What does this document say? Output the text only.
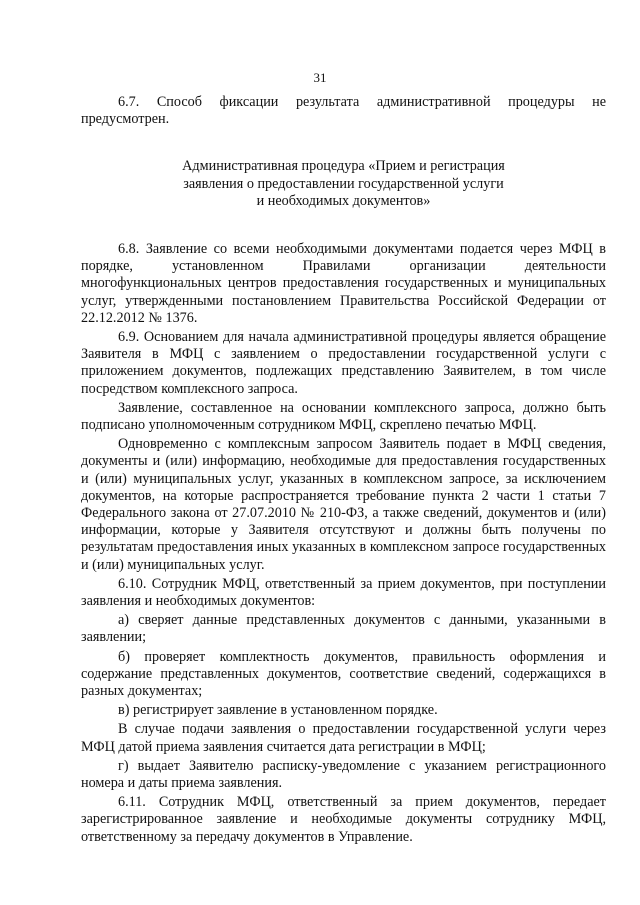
31

6.7. Способ фиксации результата административной процедуры не предусмотрен.

Административная процедура «Прием и регистрация
заявления о предоставлении государственной услуги
и необходимых документов»

6.8. Заявление со всеми необходимыми документами подается через МФЦ в порядке, установленном Правилами организации деятельности многофункциональных центров предоставления государственных и муниципальных услуг, утвержденными постановлением Правительства Российской Федерации от 22.12.2012 № 1376.

6.9. Основанием для начала административной процедуры является обращение Заявителя в МФЦ с заявлением о предоставлении государственной услуги с приложением документов, подлежащих представлению Заявителем, в том числе посредством комплексного запроса.

Заявление, составленное на основании комплексного запроса, должно быть подписано уполномоченным сотрудником МФЦ, скреплено печатью МФЦ.

Одновременно с комплексным запросом Заявитель подает в МФЦ сведения, документы и (или) информацию, необходимые для предоставления государственных и (или) муниципальных услуг, указанных в комплексном запросе, за исключением документов, на которые распространяется требование пункта 2 части 1 статьи 7 Федерального закона от 27.07.2010 № 210-ФЗ, а также сведений, документов и (или) информации, которые у Заявителя отсутствуют и должны быть получены по результатам предоставления иных указанных в комплексном запросе государственных и (или) муниципальных услуг.

6.10. Сотрудник МФЦ, ответственный за прием документов, при поступлении заявления и необходимых документов:

а) сверяет данные представленных документов с данными, указанными в заявлении;

б) проверяет комплектность документов, правильность оформления и содержание представленных документов, соответствие сведений, содержащихся в разных документах;

в) регистрирует заявление в установленном порядке.

В случае подачи заявления о предоставлении государственной услуги через МФЦ датой приема заявления считается дата регистрации в МФЦ;

г) выдает Заявителю расписку-уведомление с указанием регистрационного номера и даты приема заявления.

6.11. Сотрудник МФЦ, ответственный за прием документов, передает зарегистрированное заявление и необходимые документы сотруднику МФЦ, ответственному за передачу документов в Управление.
